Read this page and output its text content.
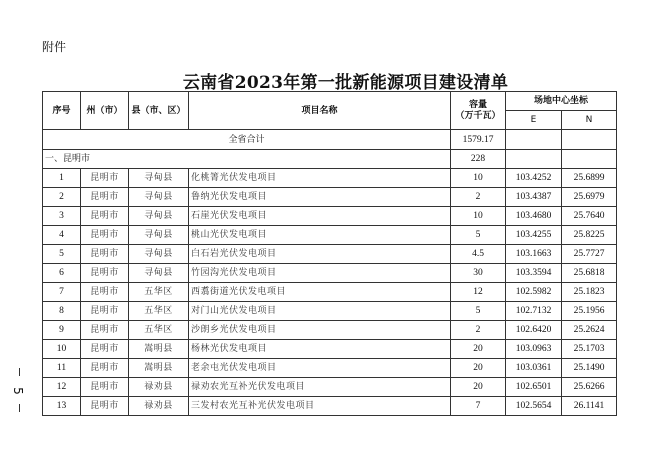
附件
云南省2023年第一批新能源项目建设清单
5
序号	州（市）	县（市、区）	项目名称	容量
（万千瓦）	场地中心坐标	
					E	N
全省合计				1579.17		
一、昆明市				228		
1	昆明市	寻甸县	化桃箐光伏发电项目	10	103.4252	25.6899
2	昆明市	寻甸县	鲁纳光伏发电项目	2	103.4387	25.6979
3	昆明市	寻甸县	石崖光伏发电项目	10	103.4680	25.7640
4	昆明市	寻甸县	桃山光伏发电项目	5	103.4255	25.8225
5	昆明市	寻甸县	白石岩光伏发电项目	4.5	103.1663	25.7727
6	昆明市	寻甸县	竹园沟光伏发电项目	30	103.3594	25.6818
7	昆明市	五华区	西翥街道光伏发电项目	12	102.5982	25.1823
8	昆明市	五华区	对门山光伏发电项目	5	102.7132	25.1956
9	昆明市	五华区	沙朗乡光伏发电项目	2	102.6420	25.2624
10	昆明市	嵩明县	杨林光伏发电项目	20	103.0963	25.1703
11	昆明市	嵩明县	老余屯光伏发电项目	20	103.0361	25.1490
12	昆明市	禄劝县	禄劝农光互补光伏发电项目	20	102.6501	25.6266
13	昆明市	禄劝县	三发村农光互补光伏发电项目	7	102.5654	26.1141
